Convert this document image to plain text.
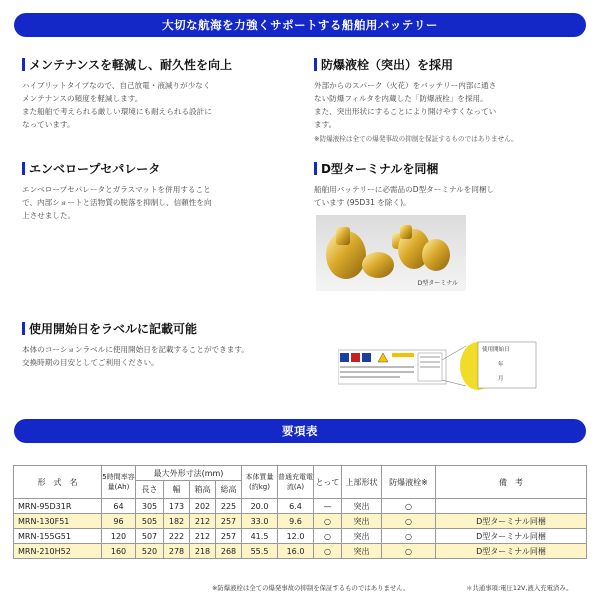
大切な航海を力強くサポートする船舶用バッテリー
メンテナンスを軽減し、耐久性を向上

ハイブリットタイプなので、自己放電・液減りが少なく
メンテナンスの頻度を軽減します。
また船舶で考えられる厳しい環境にも耐えられる設計に
なっています。

防爆液栓（突出）を採用

外部からのスパーク（火花）をバッテリー内部に通さ
ない防爆フィルタを内蔵した「防爆液栓」を採用。
また、突出形状にすることにより開けやすくなってい
ます。

※防爆液栓は全ての爆発事故の抑制を保証するものではありません。

エンベロープセパレータ

エンベロープセパレータとガラスマットを併用すること
で、内部ショートと活物質の脱落を抑制し、信頼性を向
上させました。

D型ターミナルを同梱

船舶用バッテリーに必需品のD型ターミナルを同梱し
ています (95D31 を除く)。

D型ターミナル
使用開始日をラベルに記載可能

本体のコーションラベルに使用開始日を記載することができます。
交換時期の目安としてご利用ください。

使用開始日
年
月
要項表
形　式　名	5時間率容量(Ah)	最大外形寸法(mm)				本体質量(約kg)	普通充電電流(A)	とって	上部形状	防爆液栓※	備　考
		長さ	幅	箱高	総高						
MRN-95D31R	64	305	173	202	225	20.0	6.4	—	突出	○	
MRN-130F51	96	505	182	212	257	33.0	9.6	○	突出	○	D型ターミナル同梱
MRN-155G51	120	507	222	212	257	41.5	12.0	○	突出	○	D型ターミナル同梱
MRN-210H52	160	520	278	218	268	55.5	16.0	○	突出	○	D型ターミナル同梱
※防爆液栓は全ての爆発事故の抑制を保証するものではありません。	＊共通事項:電圧12V,液入充電済み。
